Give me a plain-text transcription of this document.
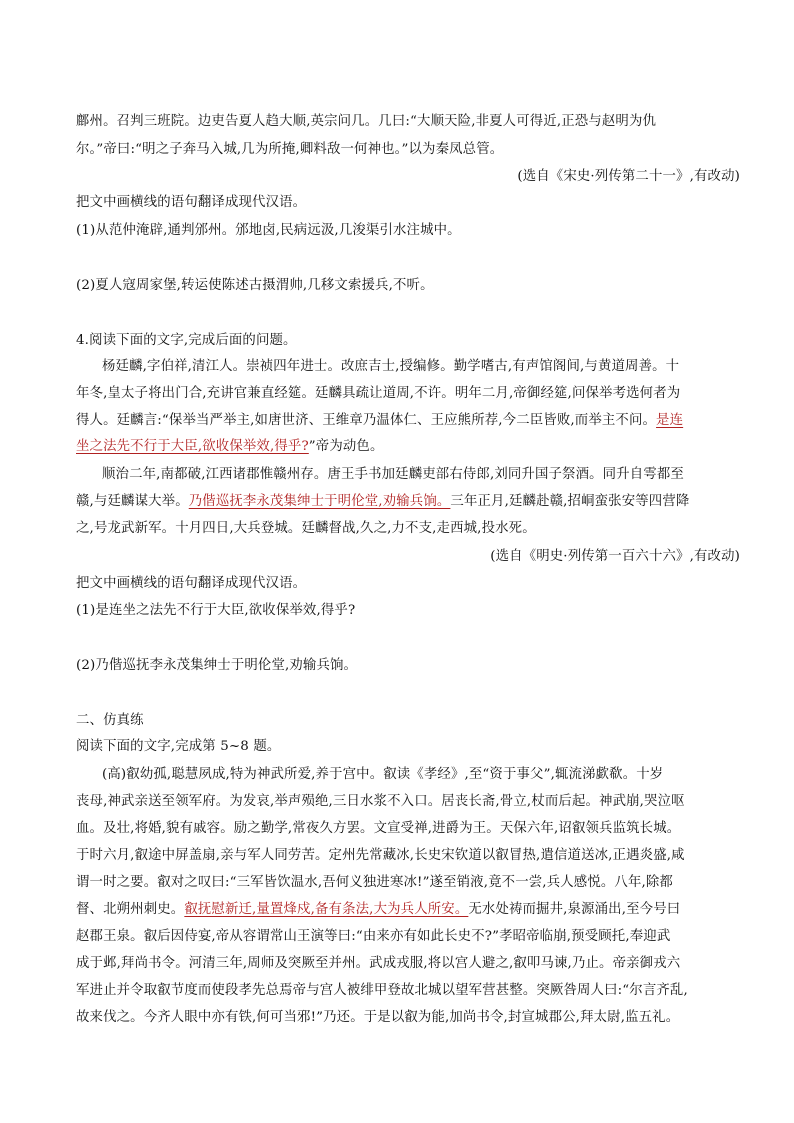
鄜州。召判三班院。边吏告夏人趋大顺,英宗问几。几曰:“大顺天险,非夏人可得近,正恐与赵明为仇
尔。”帝曰:“明之子奔马入城,几为所掩,卿料敌一何神也。”以为秦凤总管。
(选自《宋史·列传第二十一》,有改动)
把文中画横线的语句翻译成现代汉语。
(1)从范仲淹辟,通判邠州。邠地卤,民病远汲,几浚渠引水注城中。
(2)夏人寇周家堡,转运使陈述古摄渭帅,几移文索援兵,不听。
4.阅读下面的文字,完成后面的问题。
杨廷麟,字伯祥,清江人。崇祯四年进士。改庶吉士,授编修。勤学嗜古,有声馆阁间,与黄道周善。十
年冬,皇太子将出门合,充讲官兼直经筵。廷麟具疏让道周,不许。明年二月,帝御经筵,问保举考选何者为
得人。廷麟言:“保举当严举主,如唐世济、王维章乃温体仁、王应熊所荐,今二臣皆败,而举主不问。是连
坐之法先不行于大臣,欲收保举效,得乎?”帝为动色。
顺治二年,南都破,江西诸郡惟赣州存。唐王手书加廷麟吏部右侍郎,刘同升国子祭酒。同升自雩都至
赣,与廷麟谋大举。乃偕巡抚李永茂集绅士于明伦堂,劝输兵饷。三年正月,廷麟赴赣,招峒蛮张安等四营降
之,号龙武新军。十月四日,大兵登城。廷麟督战,久之,力不支,走西城,投水死。
(选自《明史·列传第一百六十六》,有改动)
把文中画横线的语句翻译成现代汉语。
(1)是连坐之法先不行于大臣,欲收保举效,得乎?
(2)乃偕巡抚李永茂集绅士于明伦堂,劝输兵饷。
二、仿真练
阅读下面的文字,完成第 5~8 题。
(高)叡幼孤,聪慧夙成,特为神武所爱,养于宫中。叡读《孝经》,至“资于事父”,辄流涕歔欷。十岁
丧母,神武亲送至领军府。为发哀,举声殒绝,三日水浆不入口。居丧长斋,骨立,杖而后起。神武崩,哭泣呕
血。及壮,将婚,貌有戚容。励之勤学,常夜久方罢。文宣受禅,进爵为王。天保六年,诏叡领兵监筑长城。
于时六月,叡途中屏盖扇,亲与军人同劳苦。定州先常藏冰,长史宋钦道以叡冒热,遣信道送冰,正遇炎盛,咸
谓一时之要。叡对之叹曰:“三军皆饮温水,吾何义独进寒冰!”遂至销液,竟不一尝,兵人感悦。八年,除都
督、北朔州刺史。叡抚慰新迁,量置烽戍,备有条法,大为兵人所安。无水处祷而掘井,泉源涌出,至今号曰
赵郡王泉。叡后因侍宴,帝从容谓常山王演等曰:“由来亦有如此长史不?”孝昭帝临崩,预受顾托,奉迎武
成于邺,拜尚书令。河清三年,周师及突厥至并州。武成戎服,将以宫人避之,叡叩马谏,乃止。帝亲御戎六
军进止并令取叡节度而使段孝先总焉帝与宫人被绯甲登故北城以望军营甚整。突厥咎周人曰:“尔言齐乱,
故来伐之。今齐人眼中亦有铁,何可当邪!”乃还。于是以叡为能,加尚书令,封宣城郡公,拜太尉,监五礼。
